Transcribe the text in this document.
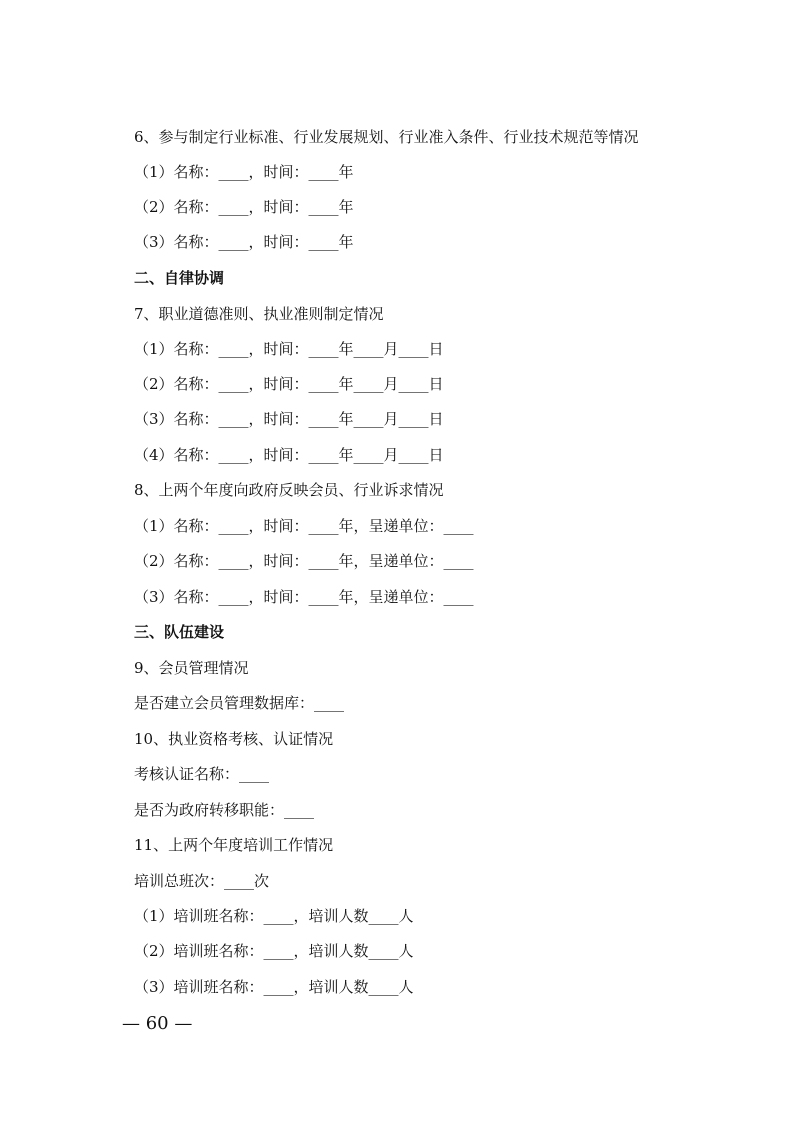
6、参与制定行业标准、行业发展规划、行业准入条件、行业技术规范等情况
（1）名称：____，时间：____年
（2）名称：____，时间：____年
（3）名称：____，时间：____年
二、自律协调
7、职业道德准则、执业准则制定情况
（1）名称：____，时间：____年____月____日
（2）名称：____，时间：____年____月____日
（3）名称：____，时间：____年____月____日
（4）名称：____，时间：____年____月____日
8、上两个年度向政府反映会员、行业诉求情况
（1）名称：____，时间：____年，呈递单位：____
（2）名称：____，时间：____年，呈递单位：____
（3）名称：____，时间：____年，呈递单位：____
三、队伍建设
9、会员管理情况
是否建立会员管理数据库：____
10、执业资格考核、认证情况
考核认证名称：____
是否为政府转移职能：____
11、上两个年度培训工作情况
培训总班次：____次
（1）培训班名称：____，培训人数____人
（2）培训班名称：____，培训人数____人
（3）培训班名称：____，培训人数____人
— 60 —
